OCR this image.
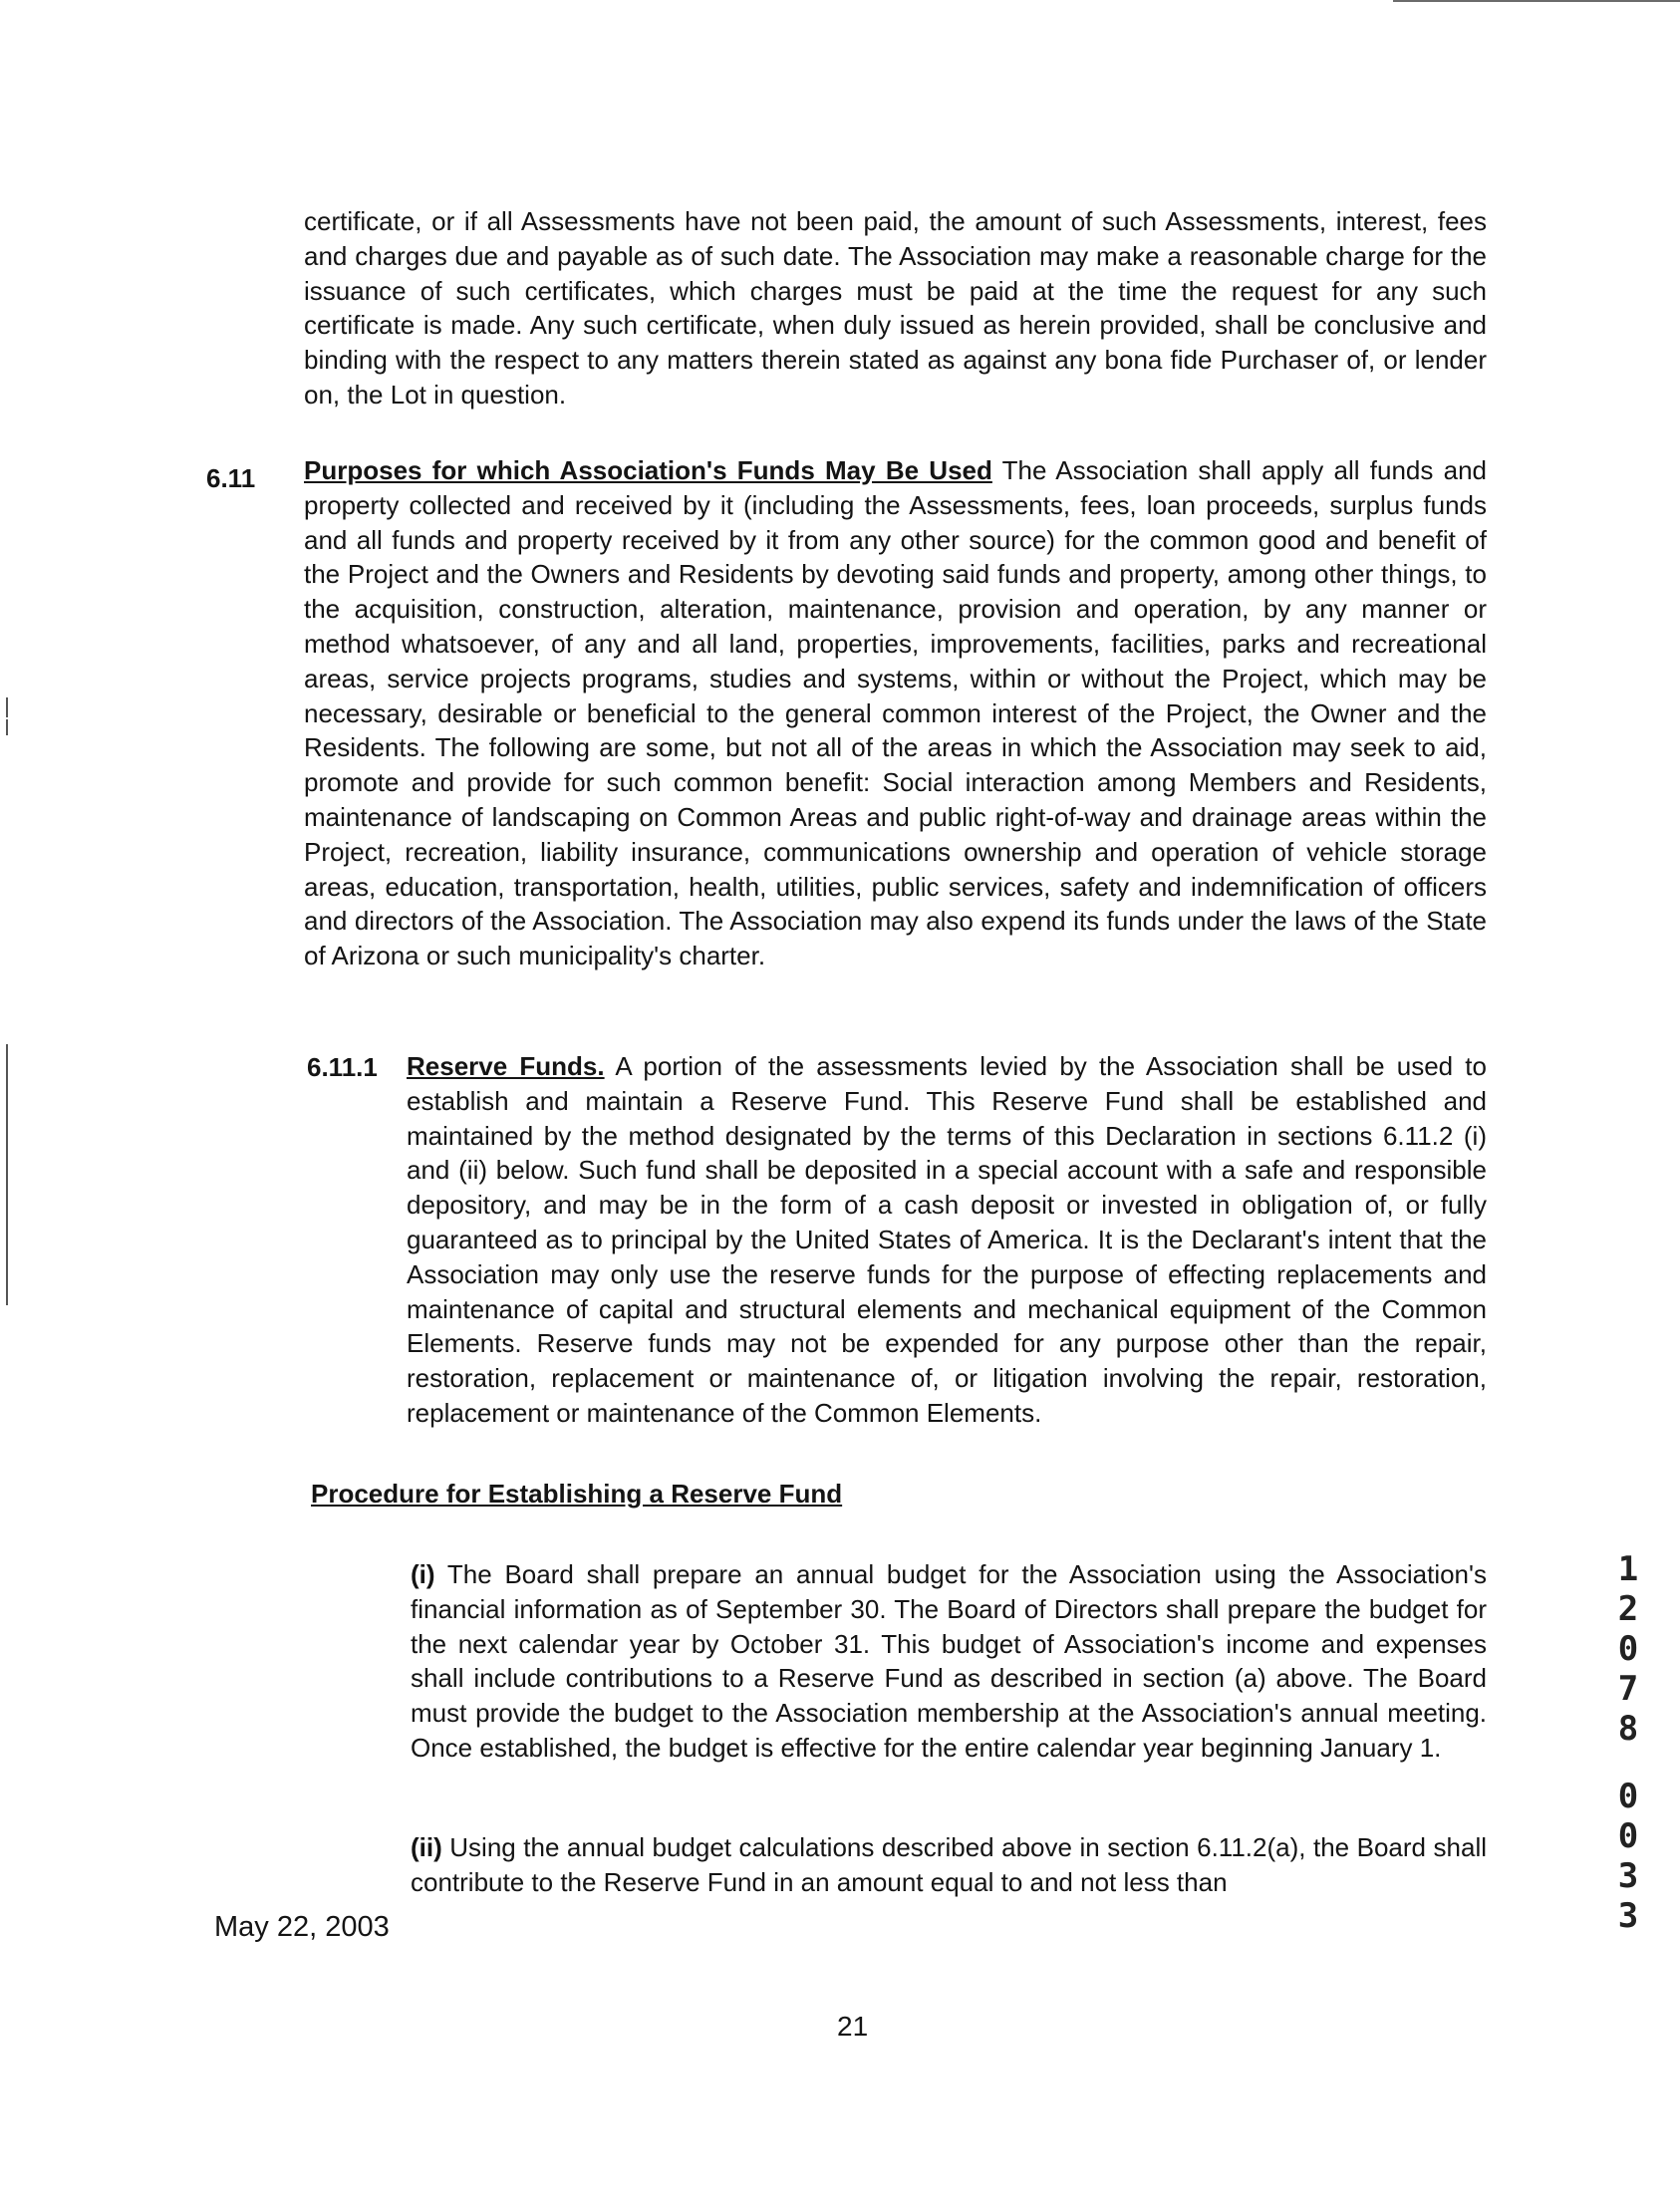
certificate, or if all Assessments have not been paid, the amount of such Assessments, interest, fees and charges due and payable as of such date. The Association may make a reasonable charge for the issuance of such certificates, which charges must be paid at the time the request for any such certificate is made. Any such certificate, when duly issued as herein provided, shall be conclusive and binding with the respect to any matters therein stated as against any bona fide Purchaser of, or lender on, the Lot in question.

6.11 Purposes for which Association's Funds May Be Used The Association shall apply all funds and property collected and received by it (including the Assessments, fees, loan proceeds, surplus funds and all funds and property received by it from any other source) for the common good and benefit of the Project and the Owners and Residents by devoting said funds and property, among other things, to the acquisition, construction, alteration, maintenance, provision and operation, by any manner or method whatsoever, of any and all land, properties, improvements, facilities, parks and recreational areas, service projects programs, studies and systems, within or without the Project, which may be necessary, desirable or beneficial to the general common interest of the Project, the Owner and the Residents. The following are some, but not all of the areas in which the Association may seek to aid, promote and provide for such common benefit: Social interaction among Members and Residents, maintenance of landscaping on Common Areas and public right-of-way and drainage areas within the Project, recreation, liability insurance, communications ownership and operation of vehicle storage areas, education, transportation, health, utilities, public services, safety and indemnification of officers and directors of the Association. The Association may also expend its funds under the laws of the State of Arizona or such municipality's charter.

6.11.1 Reserve Funds. A portion of the assessments levied by the Association shall be used to establish and maintain a Reserve Fund. This Reserve Fund shall be established and maintained by the method designated by the terms of this Declaration in sections 6.11.2 (i) and (ii) below. Such fund shall be deposited in a special account with a safe and responsible depository, and may be in the form of a cash deposit or invested in obligation of, or fully guaranteed as to principal by the United States of America. It is the Declarant's intent that the Association may only use the reserve funds for the purpose of effecting replacements and maintenance of capital and structural elements and mechanical equipment of the Common Elements. Reserve funds may not be expended for any purpose other than the repair, restoration, replacement or maintenance of, or litigation involving the repair, restoration, replacement or maintenance of the Common Elements.
Procedure for Establishing a Reserve Fund

(i) The Board shall prepare an annual budget for the Association using the Association's financial information as of September 30. The Board of Directors shall prepare the budget for the next calendar year by October 31. This budget of Association's income and expenses shall include contributions to a Reserve Fund as described in section (a) above. The Board must provide the budget to the Association membership at the Association's annual meeting. Once established, the budget is effective for the entire calendar year beginning January 1.

(ii) Using the annual budget calculations described above in section 6.11.2(a), the Board shall contribute to the Reserve Fund in an amount equal to and not less than

May 22, 2003
21
1
2
0
7
8
0
0
3
3
